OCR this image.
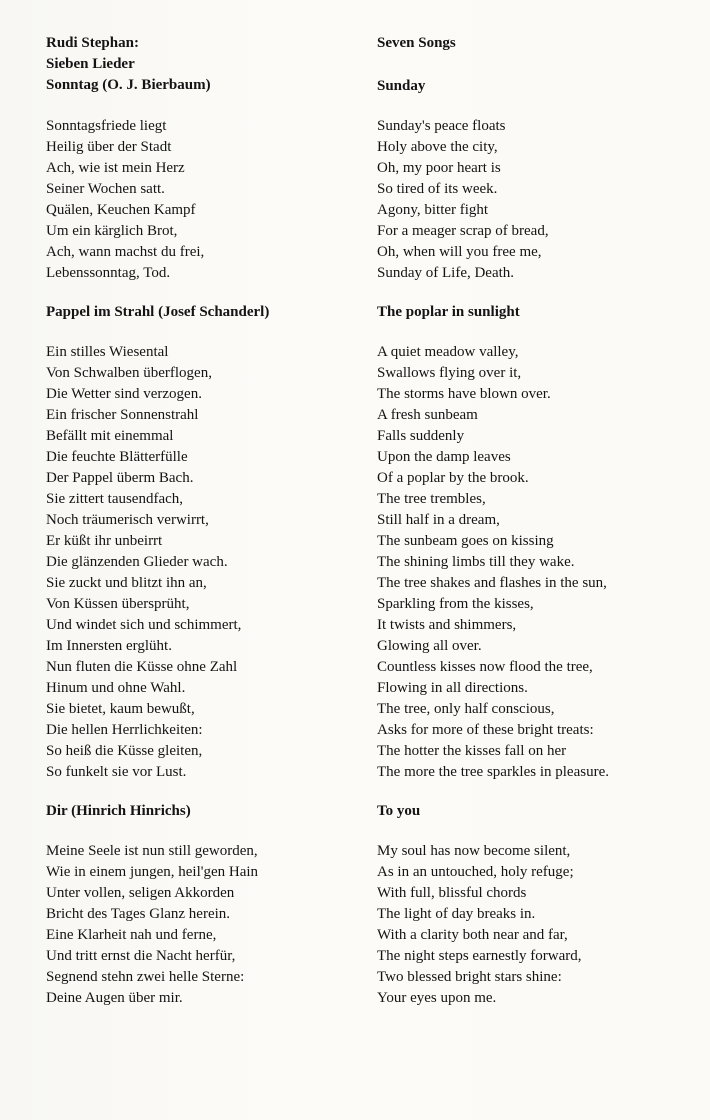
Rudi Stephan:

Sieben Lieder

Sonntag (O. J. Bierbaum)

Sonntagsfriede liegt
Heilig über der Stadt
Ach, wie ist mein Herz
Seiner Wochen satt.
Quälen, Keuchen Kampf
Um ein kärglich Brot,
Ach, wann machst du frei,
Lebenssonntag, Tod.

Pappel im Strahl (Josef Schanderl)

Ein stilles Wiesental
Von Schwalben überflogen,
Die Wetter sind verzogen.
Ein frischer Sonnenstrahl
Befällt mit einemmal
Die feuchte Blätterfülle
Der Pappel überm Bach.
Sie zittert tausendfach,
Noch träumerisch verwirrt,
Er küßt ihr unbeirrt
Die glänzenden Glieder wach.
Sie zuckt und blitzt ihn an,
Von Küssen übersprüht,
Und windet sich und schimmert,
Im Innersten erglüht.
Nun fluten die Küsse ohne Zahl
Hinum und ohne Wahl.
Sie bietet, kaum bewußt,
Die hellen Herrlichkeiten:
So heiß die Küsse gleiten,
So funkelt sie vor Lust.

Dir (Hinrich Hinrichs)

Meine Seele ist nun still geworden,
Wie in einem jungen, heil'gen Hain
Unter vollen, seligen Akkorden
Bricht des Tages Glanz herein.
Eine Klarheit nah und ferne,
Und tritt ernst die Nacht herfür,
Segnend stehn zwei helle Sterne:
Deine Augen über mir.

Seven Songs

Sunday

Sunday's peace floats
Holy above the city,
Oh, my poor heart is
So tired of its week.
Agony, bitter fight
For a meager scrap of bread,
Oh, when will you free me,
Sunday of Life, Death.

The poplar in sunlight

A quiet meadow valley,
Swallows flying over it,
The storms have blown over.
A fresh sunbeam
Falls suddenly
Upon the damp leaves
Of a poplar by the brook.
The tree trembles,
Still half in a dream,
The sunbeam goes on kissing
The shining limbs till they wake.
The tree shakes and flashes in the sun,
Sparkling from the kisses,
It twists and shimmers,
Glowing all over.
Countless kisses now flood the tree,
Flowing in all directions.
The tree, only half conscious,
Asks for more of these bright treats:
The hotter the kisses fall on her
The more the tree sparkles in pleasure.

To you

My soul has now become silent,
As in an untouched, holy refuge;
With full, blissful chords
The light of day breaks in.
With a clarity both near and far,
The night steps earnestly forward,
Two blessed bright stars shine:
Your eyes upon me.
